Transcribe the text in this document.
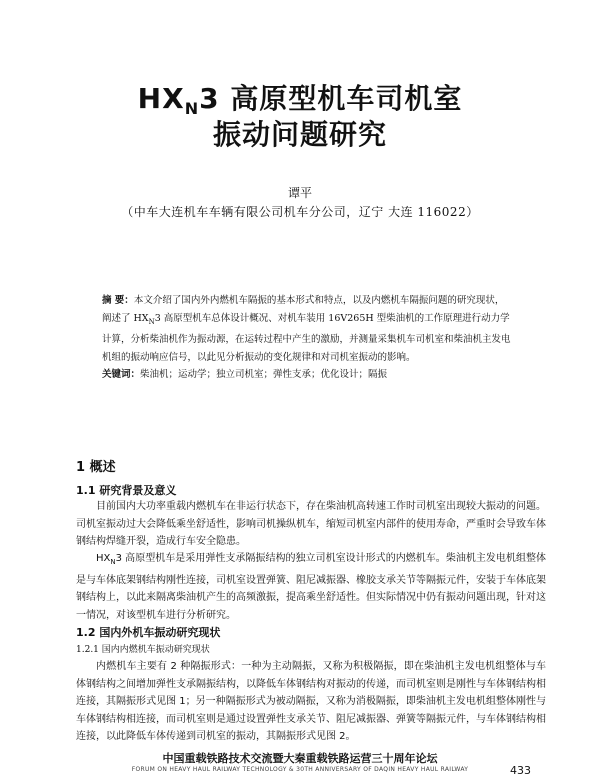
$HX_N3$ 高原型机车司机室
振动问题研究
谭平
（中车大连机车车辆有限公司机车分公司，辽宁 大连 116022）
摘 要：本文介绍了国内外内燃机车隔振的基本形式和特点，以及内燃机车隔振问题的研究现状，阐述了 $HX_N3$ 高原型机车总体设计概况、对机车装用 16V265H 型柴油机的工作原理进行动力学计算，分析柴油机作为振动源，在运转过程中产生的激励，并测量采集机车司机室和柴油机主发电机组的振动响应信号，以此见分析振动的变化规律和对司机室振动的影响。
关键词：柴油机；运动学；独立司机室；弹性支承；优化设计；隔振
1 概述
1.1 研究背景及意义
目前国内大功率重载内燃机车在非运行状态下，存在柴油机高转速工作时司机室出现较大振动的问题。司机室振动过大会降低乘坐舒适性，影响司机操纵机车，缩短司机室内部件的使用寿命，严重时会导致车体钢结构焊缝开裂，造成行车安全隐患。
$HX_N3$ 高原型机车是采用弹性支承隔振结构的独立司机室设计形式的内燃机车。柴油机主发电机组整体是与车体底架钢结构刚性连接，司机室设置弹簧、阻尼减振器、橡胶支承关节等隔振元件，安装于车体底架钢结构上，以此来隔离柴油机产生的高频激振，提高乘坐舒适性。但实际情况中仍有振动问题出现，针对这一情况，对该型机车进行分析研究。
1.2 国内外机车振动研究现状
1.2.1 国内内燃机车振动研究现状
内燃机车主要有 2 种隔振形式：一种为主动隔振，又称为积极隔振，即在柴油机主发电机组整体与车体钢结构之间增加弹性支承隔振结构，以降低车体钢结构对振动的传递，而司机室则是刚性与车体钢结构相连接，其隔振形式见图 1；另一种隔振形式为被动隔振，又称为消极隔振，即柴油机主发电机组整体刚性与车体钢结构相连接，而司机室则是通过设置弹性支承关节、阻尼减振器、弹簧等隔振元件，与车体钢结构相连接，以此降低车体传递到司机室的振动，其隔振形式见图 2。
中国重载铁路技术交流暨大秦重载铁路运营三十周年论坛
FORUM ON HEAVY HAUL RAILWAY TECHNOLOGY & 30TH ANNIVERSARY OF DAQIN HEAVY HAUL RAILWAY	433
